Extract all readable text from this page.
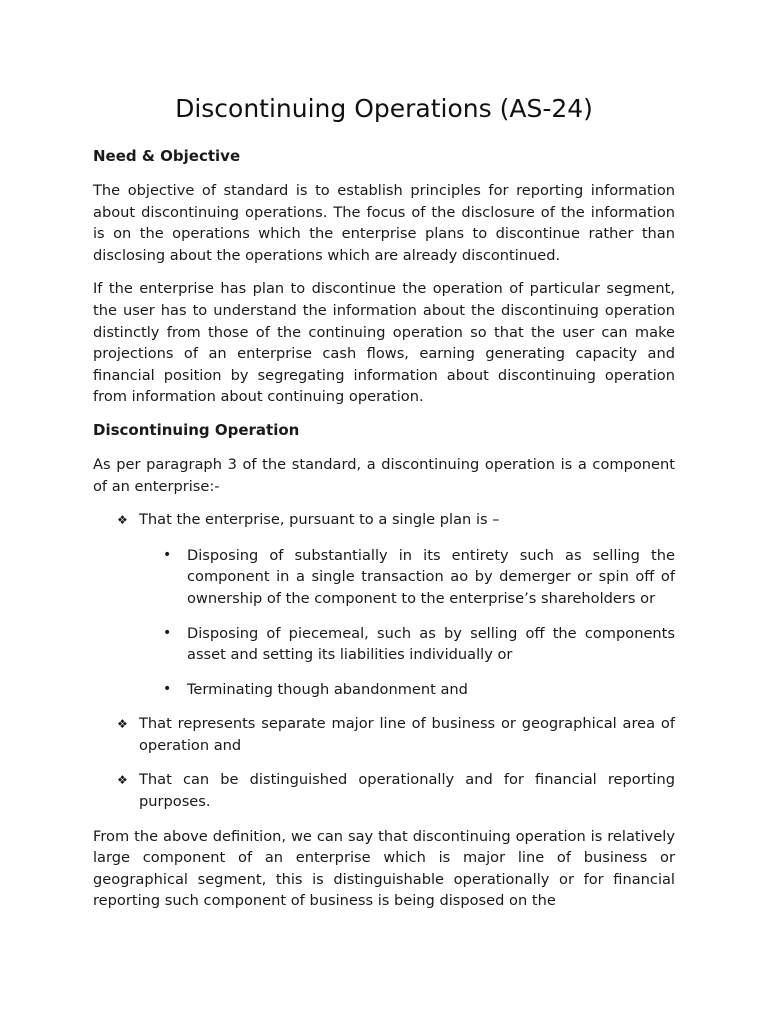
Discontinuing Operations (AS-24)
Need & Objective

The objective of standard is to establish principles for reporting information about discontinuing operations. The focus of the disclosure of the information is on the operations which the enterprise plans to discontinue rather than disclosing about the operations which are already discontinued.

If the enterprise has plan to discontinue the operation of particular segment, the user has to understand the information about the discontinuing operation distinctly from those of the continuing operation so that the user can make projections of an enterprise cash flows, earning generating capacity and financial position by segregating information about discontinuing operation from information about continuing operation.

Discontinuing Operation

As per paragraph 3 of the standard, a discontinuing operation is a component of an enterprise:-

❖ That the enterprise, pursuant to a single plan is –
• Disposing of substantially in its entirety such as selling the component in a single transaction ao by demerger or spin off of ownership of the component to the enterprise’s shareholders or
• Disposing of piecemeal, such as by selling off the components asset and setting its liabilities individually or
• Terminating though abandonment and
❖ That represents separate major line of business or geographical area of operation and
❖ That can be distinguished operationally and for financial reporting purposes.

From the above definition, we can say that discontinuing operation is relatively large component of an enterprise which is major line of business or geographical segment, this is distinguishable operationally or for financial reporting such component of business is being disposed on the
